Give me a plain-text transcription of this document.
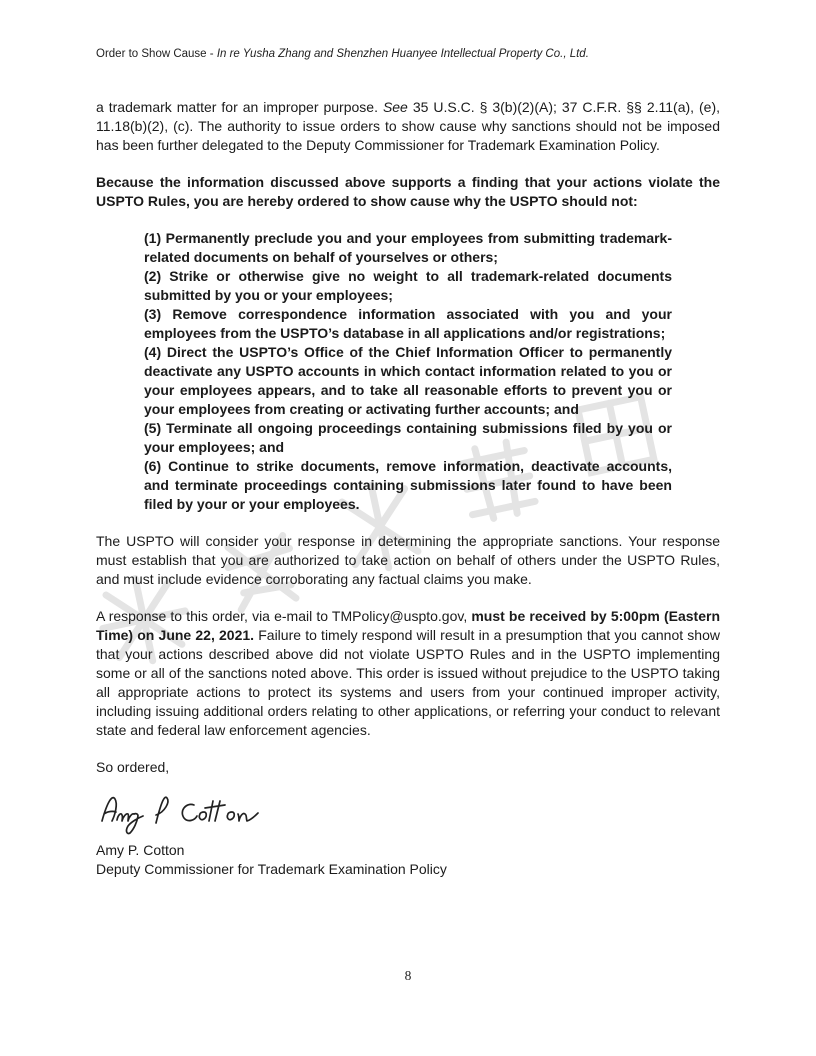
Order to Show Cause - In re Yusha Zhang and Shenzhen Huanyee Intellectual Property Co., Ltd.

a trademark matter for an improper purpose. See 35 U.S.C. § 3(b)(2)(A); 37 C.F.R. §§ 2.11(a), (e), 11.18(b)(2), (c). The authority to issue orders to show cause why sanctions should not be imposed has been further delegated to the Deputy Commissioner for Trademark Examination Policy.

Because the information discussed above supports a finding that your actions violate the USPTO Rules, you are hereby ordered to show cause why the USPTO should not:

(1) Permanently preclude you and your employees from submitting trademark-related documents on behalf of yourselves or others;

(2) Strike or otherwise give no weight to all trademark-related documents submitted by you or your employees;

(3) Remove correspondence information associated with you and your employees from the USPTO’s database in all applications and/or registrations;

(4) Direct the USPTO’s Office of the Chief Information Officer to permanently deactivate any USPTO accounts in which contact information related to you or your employees appears, and to take all reasonable efforts to prevent you or your employees from creating or activating further accounts; and

(5) Terminate all ongoing proceedings containing submissions filed by you or your employees; and

(6) Continue to strike documents, remove information, deactivate accounts, and terminate proceedings containing submissions later found to have been filed by your or your employees.

The USPTO will consider your response in determining the appropriate sanctions. Your response must establish that you are authorized to take action on behalf of others under the USPTO Rules, and must include evidence corroborating any factual claims you make.

A response to this order, via e-mail to TMPolicy@uspto.gov, must be received by 5:00pm (Eastern Time) on June 22, 2021. Failure to timely respond will result in a presumption that you cannot show that your actions described above did not violate USPTO Rules and in the USPTO implementing some or all of the sanctions noted above. This order is issued without prejudice to the USPTO taking all appropriate actions to protect its systems and users from your continued improper activity, including issuing additional orders relating to other applications, or referring your conduct to relevant state and federal law enforcement agencies.

So ordered,

Amy P. Cotton

Deputy Commissioner for Trademark Examination Policy

8
